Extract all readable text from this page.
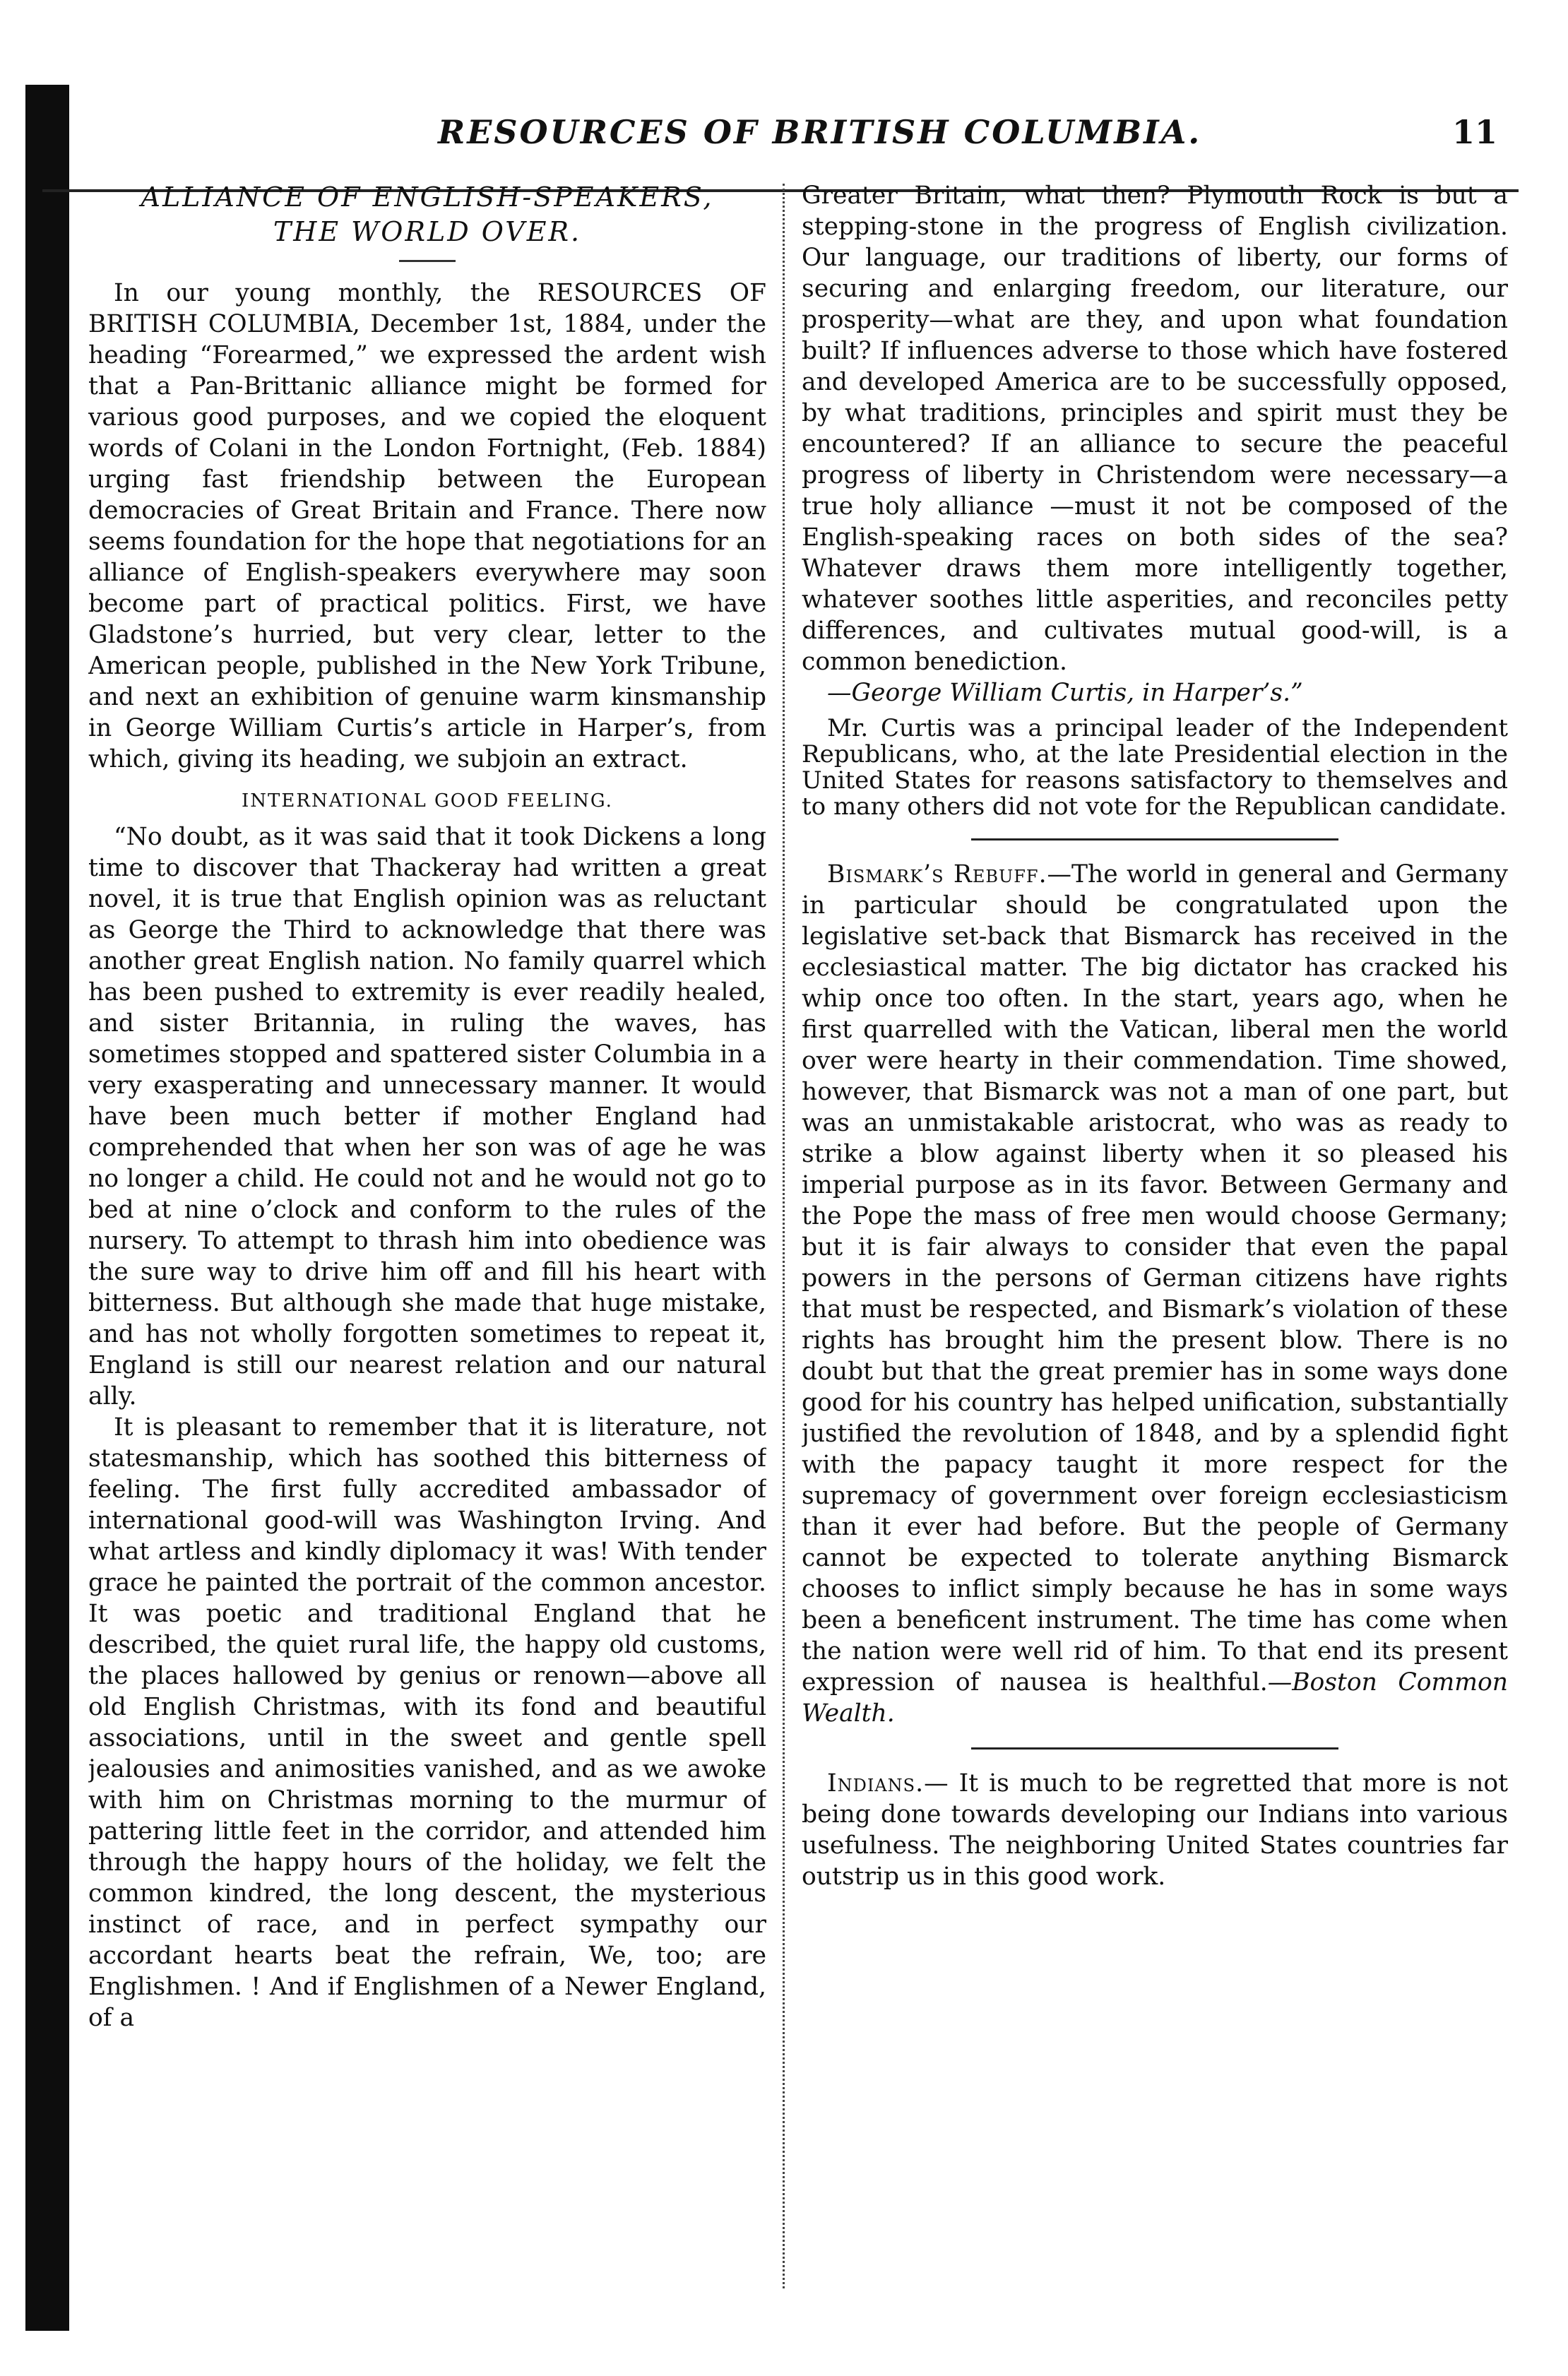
RESOURCES OF BRITISH COLUMBIA.	11
ALLIANCE OF ENGLISH-SPEAKERS,
THE WORLD OVER.

In our young monthly, the RESOURCES OF BRITISH COLUMBIA, December 1st, 1884, under the heading “Forearmed,” we expressed the ardent wish that a Pan-Brittanic alliance might be formed for various good purposes, and we copied the eloquent words of Colani in the London Fortnight, (Feb. 1884) urging fast friendship between the European democracies of Great Britain and France. There now seems foundation for the hope that negotiations for an alliance of English-speakers everywhere may soon become part of practical politics. First, we have Gladstone’s hurried, but very clear, letter to the American people, published in the New York Tribune, and next an exhibition of genuine warm kinsmanship in George William Curtis’s article in Harper’s, from which, giving its heading, we subjoin an extract.

INTERNATIONAL GOOD FEELING.

“No doubt, as it was said that it took Dickens a long time to discover that Thackeray had written a great novel, it is true that English opinion was as reluctant as George the Third to acknowledge that there was another great English nation. No family quarrel which has been pushed to extremity is ever readily healed, and sister Britannia, in ruling the waves, has sometimes stopped and spattered sister Columbia in a very exasperating and unnecessary manner. It would have been much better if mother England had comprehended that when her son was of age he was no longer a child. He could not and he would not go to bed at nine o’clock and conform to the rules of the nursery. To attempt to thrash him into obedience was the sure way to drive him off and fill his heart with bitterness. But although she made that huge mistake, and has not wholly forgotten sometimes to repeat it, England is still our nearest relation and our natural ally.

It is pleasant to remember that it is literature, not statesmanship, which has soothed this bitterness of feeling. The first fully accredited ambassador of international good-will was Washington Irving. And what artless and kindly diplomacy it was! With tender grace he painted the portrait of the common ancestor. It was poetic and traditional England that he described, the quiet rural life, the happy old customs, the places hallowed by genius or renown—above all old English Christmas, with its fond and beautiful associations, until in the sweet and gentle spell jealousies and animosities vanished, and as we awoke with him on Christmas morning to the murmur of pattering little feet in the corridor, and attended him through the happy hours of the holiday, we felt the common kindred, the long descent, the mysterious instinct of race, and in perfect sympathy our accordant hearts beat the refrain, We, too; are Englishmen. ! And if Englishmen of a Newer England, of a

Greater Britain, what then? Plymouth Rock is but a stepping-stone in the progress of English civilization. Our language, our traditions of liberty, our forms of securing and enlarging freedom, our literature, our prosperity—what are they, and upon what foundation built? If influences adverse to those which have fostered and developed America are to be successfully opposed, by what traditions, principles and spirit must they be encountered? If an alliance to secure the peaceful progress of liberty in Christendom were necessary—a true holy alliance —must it not be composed of the English-speaking races on both sides of the sea? Whatever draws them more intelligently together, whatever soothes little asperities, and reconciles petty differences, and cultivates mutual good-will, is a common benediction.

—George William Curtis, in Harper’s.”

Mr. Curtis was a principal leader of the Independent Republicans, who, at the late Presidential election in the United States for reasons satisfactory to themselves and to many others did not vote for the Republican candidate.

Bismark’s Rebuff.—The world in general and Germany in particular should be congratulated upon the legislative set-back that Bismarck has received in the ecclesiastical matter. The big dictator has cracked his whip once too often. In the start, years ago, when he first quarrelled with the Vatican, liberal men the world over were hearty in their commendation. Time showed, however, that Bismarck was not a man of one part, but was an unmistakable aristocrat, who was as ready to strike a blow against liberty when it so pleased his imperial purpose as in its favor. Between Germany and the Pope the mass of free men would choose Germany; but it is fair always to consider that even the papal powers in the persons of German citizens have rights that must be respected, and Bismark’s violation of these rights has brought him the present blow. There is no doubt but that the great premier has in some ways done good for his country has helped unification, substantially justified the revolution of 1848, and by a splendid fight with the papacy taught it more respect for the supremacy of government over foreign ecclesiasticism than it ever had before. But the people of Germany cannot be expected to tolerate anything Bismarck chooses to inflict simply because he has in some ways been a beneficent instrument. The time has come when the nation were well rid of him. To that end its present expression of nausea is healthful.—Boston Common Wealth.

Indians.— It is much to be regretted that more is not being done towards developing our Indians into various usefulness. The neighboring United States countries far outstrip us in this good work.
